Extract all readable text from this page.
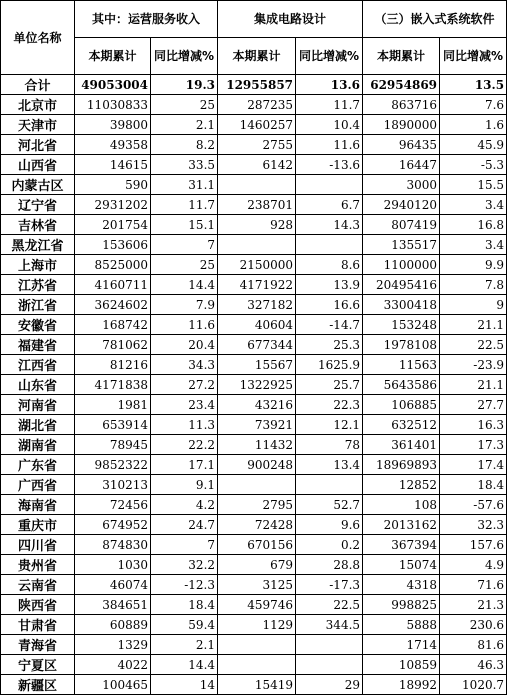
单位名称	其中：运营服务收入		集成电路设计		（三）嵌入式系统软件	
	本期累计	同比增减%	本期累计	同比增减%	本期累计	同比增减%
合计	49053004	19.3	12955857	13.6	62954869	13.5
北京市	11030833	25	287235	11.7	863716	7.6
天津市	39800	2.1	1460257	10.4	1890000	1.6
河北省	49358	8.2	2755	11.6	96435	45.9
山西省	14615	33.5	6142	-13.6	16447	-5.3
内蒙古区	590	31.1			3000	15.5
辽宁省	2931202	11.7	238701	6.7	2940120	3.4
吉林省	201754	15.1	928	14.3	807419	16.8
黑龙江省	153606	7			135517	3.4
上海市	8525000	25	2150000	8.6	1100000	9.9
江苏省	4160711	14.4	4171922	13.9	20495416	7.8
浙江省	3624602	7.9	327182	16.6	3300418	9
安徽省	168742	11.6	40604	-14.7	153248	21.1
福建省	781062	20.4	677344	25.3	1978108	22.5
江西省	81216	34.3	15567	1625.9	11563	-23.9
山东省	4171838	27.2	1322925	25.7	5643586	21.1
河南省	1981	23.4	43216	22.3	106885	27.7
湖北省	653914	11.3	73921	12.1	632512	16.3
湖南省	78945	22.2	11432	78	361401	17.3
广东省	9852322	17.1	900248	13.4	18969893	17.4
广西省	310213	9.1			12852	18.4
海南省	72456	4.2	2795	52.7	108	-57.6
重庆市	674952	24.7	72428	9.6	2013162	32.3
四川省	874830	7	670156	0.2	367394	157.6
贵州省	1030	32.2	679	28.8	15074	4.9
云南省	46074	-12.3	3125	-17.3	4318	71.6
陕西省	384651	18.4	459746	22.5	998825	21.3
甘肃省	60889	59.4	1129	344.5	5888	230.6
青海省	1329	2.1			1714	81.6
宁夏区	4022	14.4			10859	46.3
新疆区	100465	14	15419	29	18992	1020.7
